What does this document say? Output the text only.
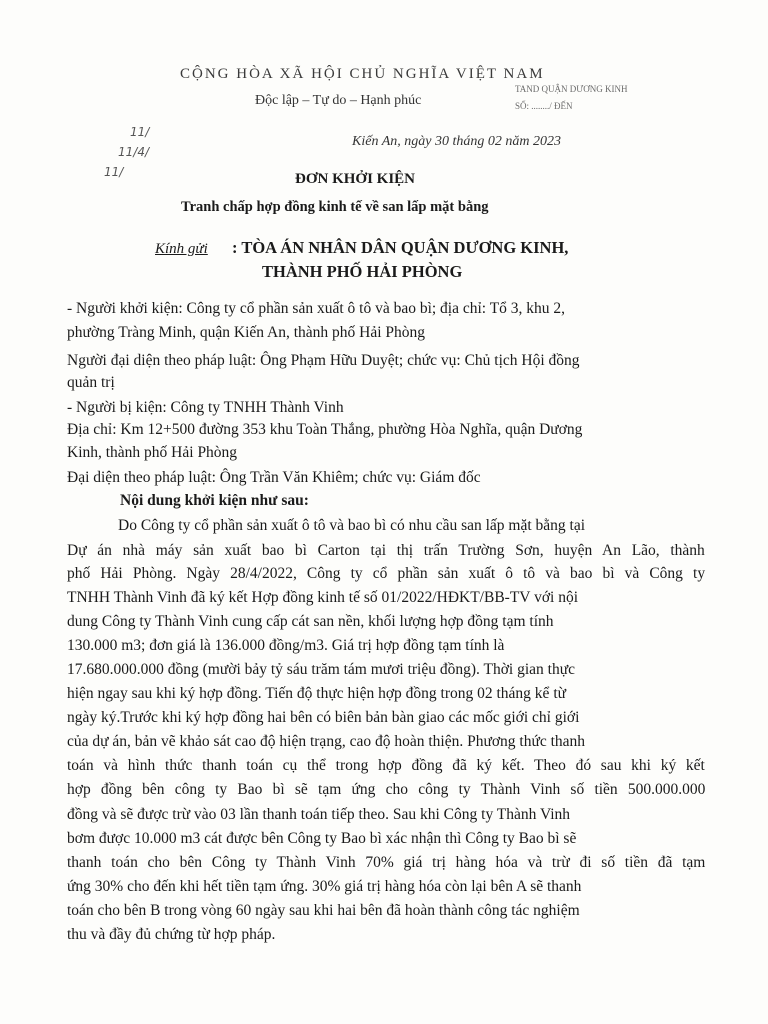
CỘNG HÒA XÃ HỘI CHỦ NGHĨA VIỆT NAM
Độc lập – Tự do – Hạnh phúc
TAND QUẬN DƯƠNG KINH
SỐ: ......../ ĐẾN
11/
11/4/
11/
Kiến An, ngày 30 tháng 02 năm 2023
ĐƠN KHỞI KIỆN
Tranh chấp hợp đồng kinh tế về san lấp mặt bằng
Kính gửi : TÒA ÁN NHÂN DÂN QUẬN DƯƠNG KINH,
THÀNH PHỐ HẢI PHÒNG
- Người khởi kiện: Công ty cổ phần sản xuất ô tô và bao bì; địa chỉ: Tổ 3, khu 2,
phường Tràng Minh, quận Kiến An, thành phố Hải Phòng
Người đại diện theo pháp luật: Ông Phạm Hữu Duyệt; chức vụ: Chủ tịch Hội đồng
quản trị
- Người bị kiện: Công ty TNHH Thành Vinh
Địa chỉ: Km 12+500 đường 353 khu Toàn Thắng, phường Hòa Nghĩa, quận Dương
Kinh, thành phố Hải Phòng
Đại diện theo pháp luật: Ông Trần Văn Khiêm; chức vụ: Giám đốc
Nội dung khởi kiện như sau:
Do Công ty cổ phần sản xuất ô tô và bao bì có nhu cầu san lấp mặt bằng tại
Dự án nhà máy sản xuất bao bì Carton tại thị trấn Trường Sơn, huyện An Lão, thành
phố Hải Phòng. Ngày 28/4/2022, Công ty cổ phần sản xuất ô tô và bao bì và Công ty
TNHH Thành Vinh đã ký kết Hợp đồng kinh tế số 01/2022/HĐKT/BB-TV với nội
dung Công ty Thành Vinh cung cấp cát san nền, khối lượng hợp đồng tạm tính
130.000 m3; đơn giá là 136.000 đồng/m3. Giá trị hợp đồng tạm tính là
17.680.000.000 đồng (mười bảy tỷ sáu trăm tám mươi triệu đồng). Thời gian thực
hiện ngay sau khi ký hợp đồng. Tiến độ thực hiện hợp đồng trong 02 tháng kể từ
ngày ký.Trước khi ký hợp đồng hai bên có biên bản bàn giao các mốc giới chỉ giới
của dự án, bản vẽ khảo sát cao độ hiện trạng, cao độ hoàn thiện. Phương thức thanh
toán và hình thức thanh toán cụ thể trong hợp đồng đã ký kết. Theo đó sau khi ký kết
hợp đồng bên công ty Bao bì sẽ tạm ứng cho công ty Thành Vinh số tiền 500.000.000
đồng và sẽ được trừ vào 03 lần thanh toán tiếp theo. Sau khi Công ty Thành Vinh
bơm được 10.000 m3 cát được bên Công ty Bao bì xác nhận thì Công ty Bao bì sẽ
thanh toán cho bên Công ty Thành Vinh 70% giá trị hàng hóa và trừ đi số tiền đã tạm
ứng 30% cho đến khi hết tiền tạm ứng. 30% giá trị hàng hóa còn lại bên A sẽ thanh
toán cho bên B trong vòng 60 ngày sau khi hai bên đã hoàn thành công tác nghiệm
thu và đầy đủ chứng từ hợp pháp.
